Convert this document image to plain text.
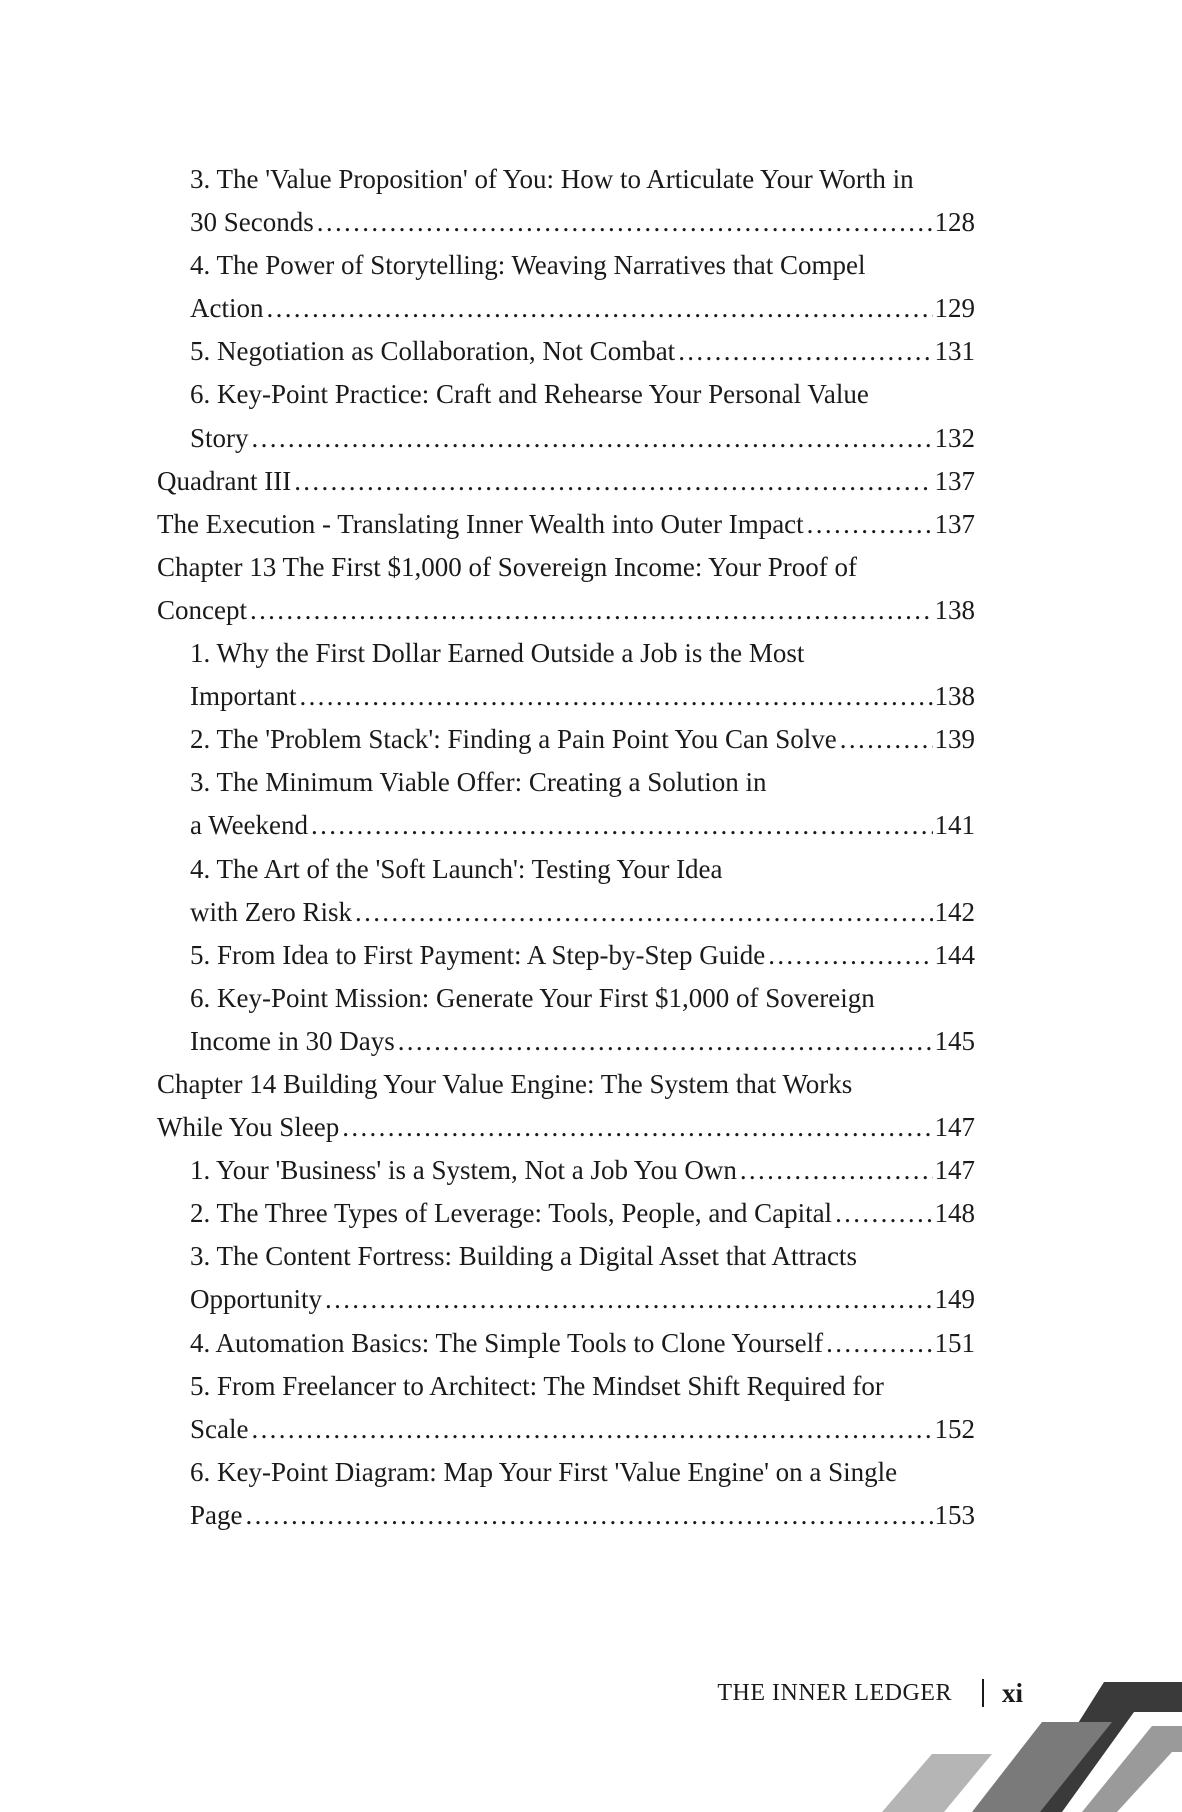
3. The 'Value Proposition' of You: How to Articulate Your Worth in
30 Seconds . . .	128
4. The Power of Storytelling: Weaving Narratives that Compel
Action . . .	129
5. Negotiation as Collaboration, Not Combat . . .	131
6. Key-Point Practice: Craft and Rehearse Your Personal Value
Story . . .	132
Quadrant III . . .	137
The Execution - Translating Inner Wealth into Outer Impact . . .	137
Chapter 13 The First $1,000 of Sovereign Income: Your Proof of
Concept . . .	138
1. Why the First Dollar Earned Outside a Job is the Most
Important . . .	138
2. The 'Problem Stack': Finding a Pain Point You Can Solve . . .	139
3. The Minimum Viable Offer: Creating a Solution in
a Weekend . . .	141
4. The Art of the 'Soft Launch': Testing Your Idea
with Zero Risk . . .	142
5. From Idea to First Payment: A Step-by-Step Guide . . .	144
6. Key-Point Mission: Generate Your First $1,000 of Sovereign
Income in 30 Days . . .	145
Chapter 14 Building Your Value Engine: The System that Works
While You Sleep . . .	147
1. Your 'Business' is a System, Not a Job You Own . . .	147
2. The Three Types of Leverage: Tools, People, and Capital . . .	148
3. The Content Fortress: Building a Digital Asset that Attracts
Opportunity . . .	149
4. Automation Basics: The Simple Tools to Clone Yourself . . .	151
5. From Freelancer to Architect: The Mindset Shift Required for
Scale . . .	152
6. Key-Point Diagram: Map Your First 'Value Engine' on a Single
Page . . .	153
THE INNER LEDGER xi
